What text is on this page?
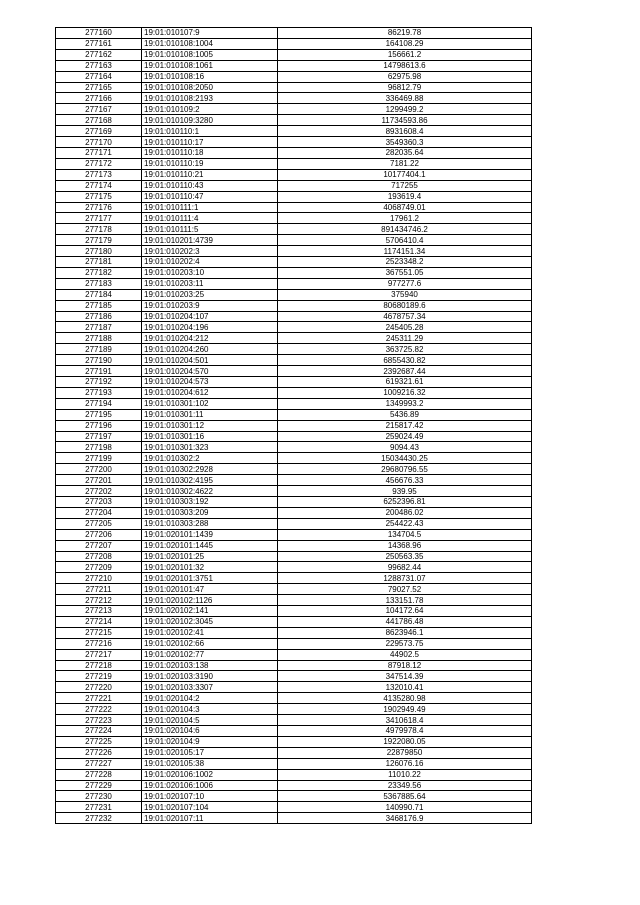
277160	19:01:010107:9	86219.78
277161	19:01:010108:1004	164108.29
277162	19:01:010108:1005	156661.2
277163	19:01:010108:1061	14798613.6
277164	19:01:010108:16	62975.98
277165	19:01:010108:2050	96812.79
277166	19:01:010108:2193	336469.88
277167	19:01:010109:2	1299499.2
277168	19:01:010109:3280	11734593.86
277169	19:01:010110:1	8931608.4
277170	19:01:010110:17	3549360.3
277171	19:01:010110:18	282035.64
277172	19:01:010110:19	7181.22
277173	19:01:010110:21	10177404.1
277174	19:01:010110:43	717255
277175	19:01:010110:47	193619.4
277176	19:01:010111:1	4068749.01
277177	19:01:010111:4	17961.2
277178	19:01:010111:5	891434746.2
277179	19:01:010201:4739	5706410.4
277180	19:01:010202:3	1174151.34
277181	19:01:010202:4	2523348.2
277182	19:01:010203:10	367551.05
277183	19:01:010203:11	977277.6
277184	19:01:010203:25	375940
277185	19:01:010203:9	80680189.6
277186	19:01:010204:107	4678757.34
277187	19:01:010204:196	245405.28
277188	19:01:010204:212	245311.29
277189	19:01:010204:260	363725.82
277190	19:01:010204:501	6855430.82
277191	19:01:010204:570	2392687.44
277192	19:01:010204:573	619321.61
277193	19:01:010204:612	1009216.32
277194	19:01:010301:102	1349993.2
277195	19:01:010301:11	5436.89
277196	19:01:010301:12	215817.42
277197	19:01:010301:16	259024.49
277198	19:01:010301:323	9094.43
277199	19:01:010302:2	15034430.25
277200	19:01:010302:2928	29680796.55
277201	19:01:010302:4195	456676.33
277202	19:01:010302:4622	939.95
277203	19:01:010303:192	6252396.81
277204	19:01:010303:209	200486.02
277205	19:01:010303:288	254422.43
277206	19:01:020101:1439	134704.5
277207	19:01:020101:1445	14368.96
277208	19:01:020101:25	250563.35
277209	19:01:020101:32	99682.44
277210	19:01:020101:3751	1288731.07
277211	19:01:020101:47	79027.52
277212	19:01:020102:1126	133151.78
277213	19:01:020102:141	104172.64
277214	19:01:020102:3045	441786.48
277215	19:01:020102:41	8623946.1
277216	19:01:020102:66	229573.75
277217	19:01:020102:77	44902.5
277218	19:01:020103:138	87918.12
277219	19:01:020103:3190	347514.39
277220	19:01:020103:3307	132010.41
277221	19:01:020104:2	4135280.98
277222	19:01:020104:3	1902949.49
277223	19:01:020104:5	3410618.4
277224	19:01:020104:6	4979978.4
277225	19:01:020104:9	1922080.05
277226	19:01:020105:17	22879850
277227	19:01:020105:38	126076.16
277228	19:01:020106:1002	11010.22
277229	19:01:020106:1006	23349.56
277230	19:01:020107:10	5367885.64
277231	19:01:020107:104	140990.71
277232	19:01:020107:11	3468176.9
